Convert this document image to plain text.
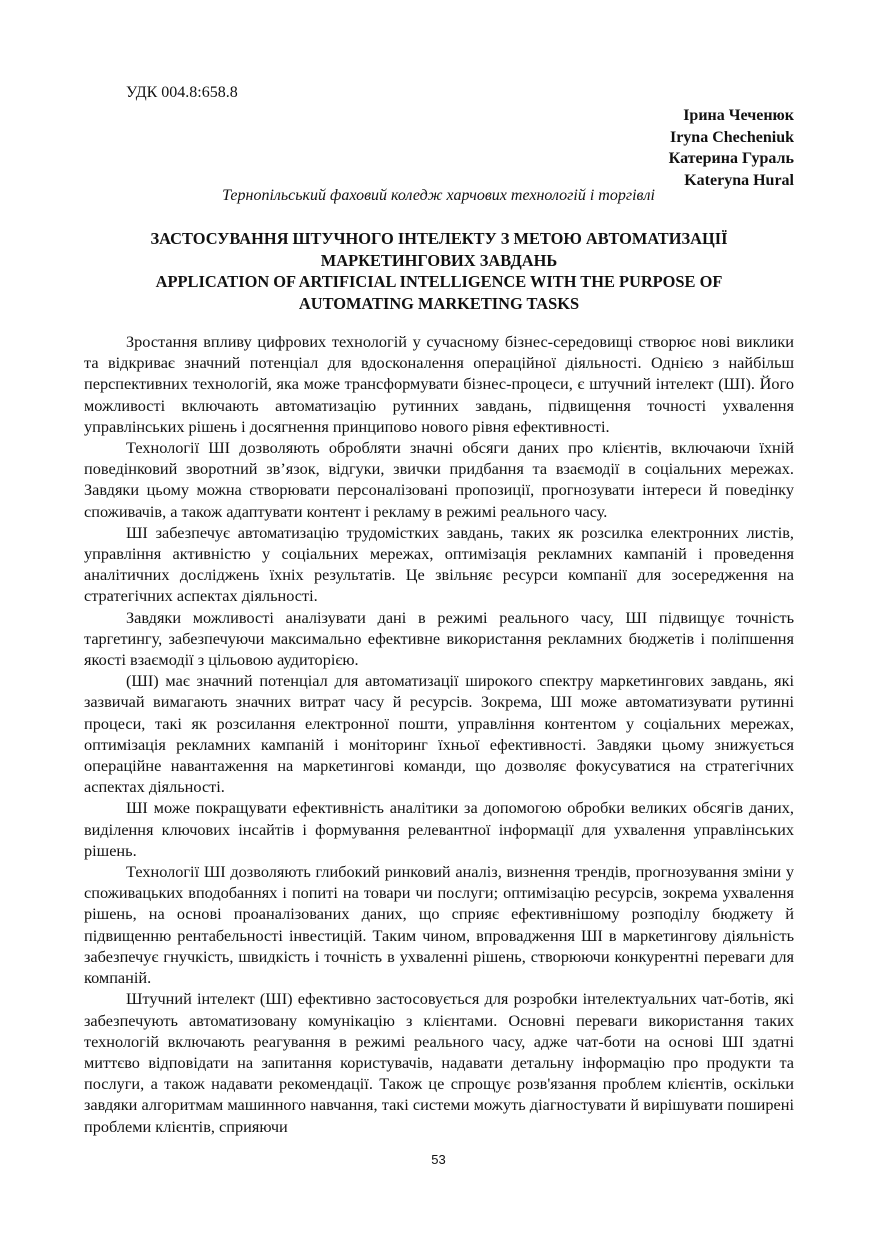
УДК 004.8:658.8
Ірина Чеченюк
Iryna Checheniuk
Катерина Гураль
Kateryna Hural
Тернопільський фаховий коледж харчових технологій і торгівлі
ЗАСТОСУВАННЯ ШТУЧНОГО ІНТЕЛЕКТУ З МЕТОЮ АВТОМАТИЗАЦІЇ
МАРКЕТИНГОВИХ ЗАВДАНЬ
APPLICATION OF ARTIFICIAL INTELLIGENCE WITH THE PURPOSE OF
AUTOMATING MARKETING TASKS

Зростання впливу цифрових технологій у сучасному бізнес-середовищі створює нові виклики та відкриває значний потенціал для вдосконалення операційної діяльності. Однією з найбільш перспективних технологій, яка може трансформувати бізнес-процеси, є штучний інтелект (ШІ). Його можливості включають автоматизацію рутинних завдань, підвищення точності ухвалення управлінських рішень і досягнення принципово нового рівня ефективності.

Технології ШІ дозволяють обробляти значні обсяги даних про клієнтів, включаючи їхній поведінковий зворотний зв’язок, відгуки, звички придбання та взаємодії в соціальних мережах. Завдяки цьому можна створювати персоналізовані пропозиції, прогнозувати інтереси й поведінку споживачів, а також адаптувати контент і рекламу в режимі реального часу.

ШІ забезпечує автоматизацію трудомістких завдань, таких як розсилка електронних листів, управління активністю у соціальних мережах, оптимізація рекламних кампаній і проведення аналітичних досліджень їхніх результатів. Це звільняє ресурси компанії для зосередження на стратегічних аспектах діяльності.

Завдяки можливості аналізувати дані в режимі реального часу, ШІ підвищує точність таргетингу, забезпечуючи максимально ефективне використання рекламних бюджетів і поліпшення якості взаємодії з цільовою аудиторією.

(ШІ) має значний потенціал для автоматизації широкого спектру маркетингових завдань, які зазвичай вимагають значних витрат часу й ресурсів. Зокрема, ШІ може автоматизувати рутинні процеси, такі як розсилання електронної пошти, управління контентом у соціальних мережах, оптимізація рекламних кампаній і моніторинг їхньої ефективності. Завдяки цьому знижується операційне навантаження на маркетингові команди, що дозволяє фокусуватися на стратегічних аспектах діяльності.

ШІ може покращувати ефективність аналітики за допомогою обробки великих обсягів даних, виділення ключових інсайтів і формування релевантної інформації для ухвалення управлінських рішень.

Технології ШІ дозволяють глибокий ринковий аналіз, визнення трендів, прогнозування зміни у споживацьких вподобаннях і попиті на товари чи послуги; оптимізацію ресурсів, зокрема ухвалення рішень, на основі проаналізованих даних, що сприяє ефективнішому розподілу бюджету й підвищенню рентабельності інвестицій. Таким чином, впровадження ШІ в маркетингову діяльність забезпечує гнучкість, швидкість і точність в ухваленні рішень, створюючи конкурентні переваги для компаній.

Штучний інтелект (ШІ) ефективно застосовується для розробки інтелектуальних чат-ботів, які забезпечують автоматизовану комунікацію з клієнтами. Основні переваги використання таких технологій включають реагування в режимі реального часу, адже чат-боти на основі ШІ здатні миттєво відповідати на запитання користувачів, надавати детальну інформацію про продукти та послуги, а також надавати рекомендації. Також це спрощує розв'язання проблем клієнтів, оскільки завдяки алгоритмам машинного навчання, такі системи можуть діагностувати й вирішувати поширені проблеми клієнтів, сприяючи

53
